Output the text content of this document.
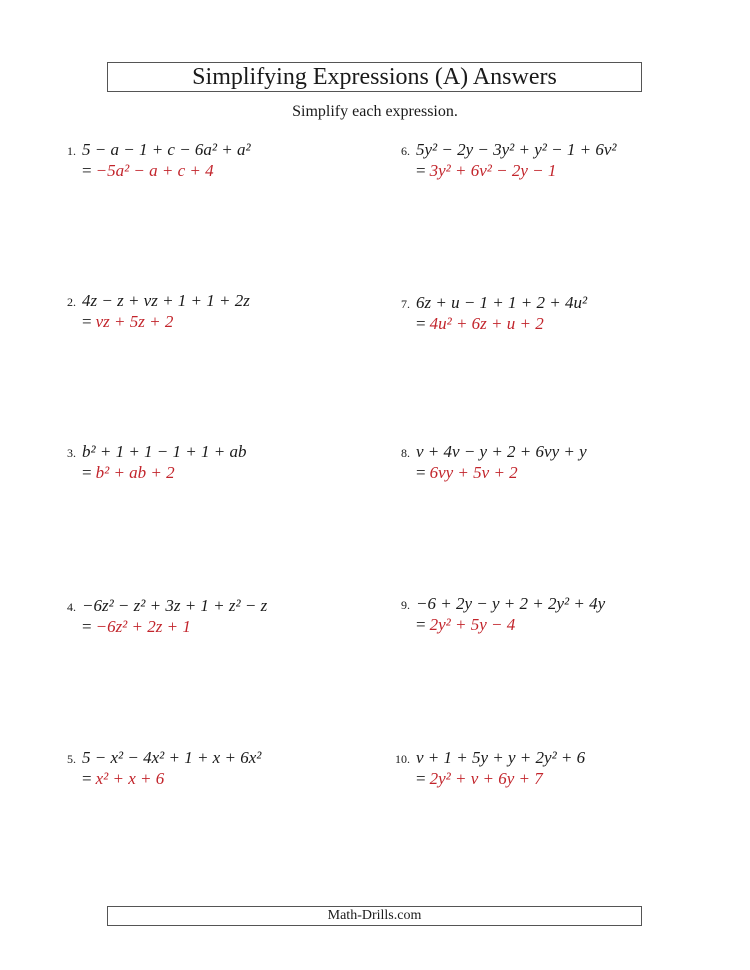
Simplifying Expressions (A) Answers
Simplify each expression.
1. 5 − a − 1 + c − 6a² + a²
= −5a² − a + c + 4
2. 4z − z + vz + 1 + 1 + 2z
= vz + 5z + 2
3. b² + 1 + 1 − 1 + 1 + ab
= b² + ab + 2
4. −6z² − z² + 3z + 1 + z² − z
= −6z² + 2z + 1
5. 5 − x² − 4x² + 1 + x + 6x²
= x² + x + 6
6. 5y² − 2y − 3y² + y² − 1 + 6v²
= 3y² + 6v² − 2y − 1
7. 6z + u − 1 + 1 + 2 + 4u²
= 4u² + 6z + u + 2
8. v + 4v − y + 2 + 6vy + y
= 6vy + 5v + 2
9. −6 + 2y − y + 2 + 2y² + 4y
= 2y² + 5y − 4
10. v + 1 + 5y + y + 2y² + 6
= 2y² + v + 6y + 7
Math-Drills.com
